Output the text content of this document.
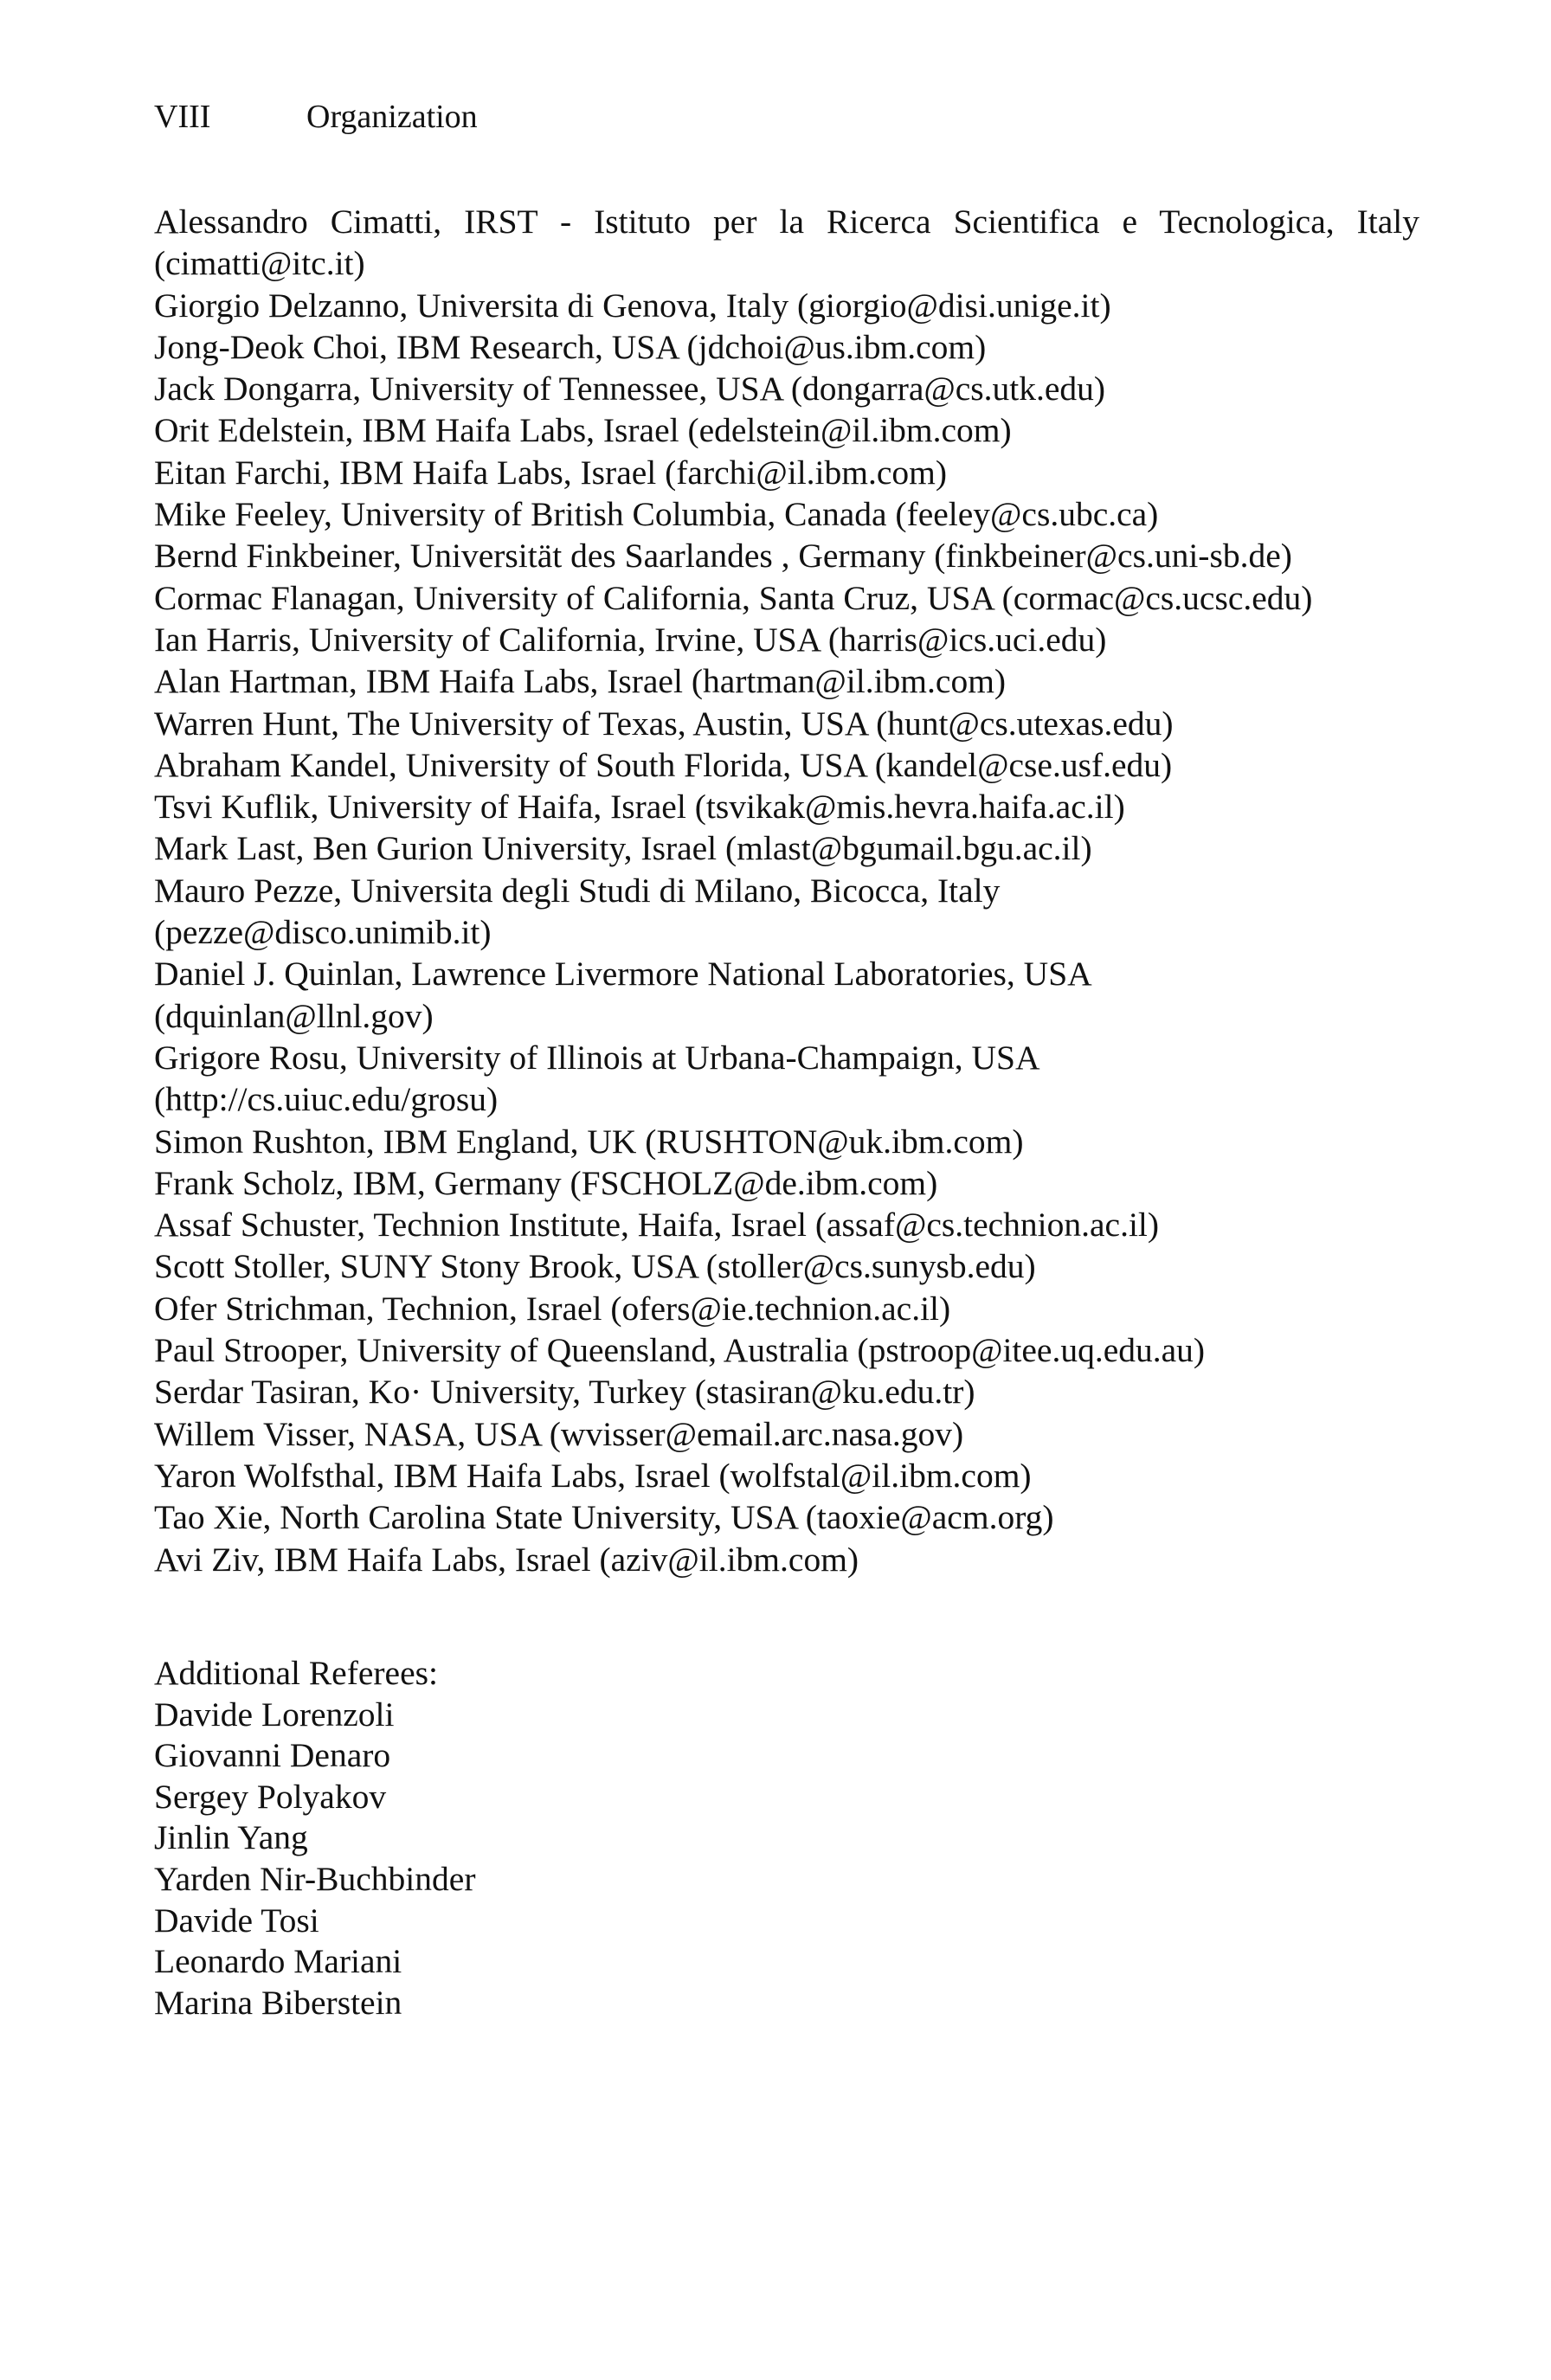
VIII	Organization
Alessandro Cimatti, IRST - Istituto per la Ricerca Scientifica e Tecnologica, Italy
(cimatti@itc.it)
Giorgio Delzanno, Universita di Genova, Italy (giorgio@disi.unige.it)
Jong-Deok Choi, IBM Research, USA (jdchoi@us.ibm.com)
Jack Dongarra, University of Tennessee, USA (dongarra@cs.utk.edu)
Orit Edelstein, IBM Haifa Labs, Israel (edelstein@il.ibm.com)
Eitan Farchi, IBM Haifa Labs, Israel (farchi@il.ibm.com)
Mike Feeley, University of British Columbia, Canada (feeley@cs.ubc.ca)
Bernd Finkbeiner, Universität des Saarlandes , Germany (finkbeiner@cs.uni-sb.de)
Cormac Flanagan, University of California, Santa Cruz, USA (cormac@cs.ucsc.edu)
Ian Harris, University of California, Irvine, USA (harris@ics.uci.edu)
Alan Hartman, IBM Haifa Labs, Israel (hartman@il.ibm.com)
Warren Hunt, The University of Texas, Austin, USA (hunt@cs.utexas.edu)
Abraham Kandel, University of South Florida, USA (kandel@cse.usf.edu)
Tsvi Kuflik, University of Haifa, Israel (tsvikak@mis.hevra.haifa.ac.il)
Mark Last, Ben Gurion University, Israel (mlast@bgumail.bgu.ac.il)
Mauro Pezze, Universita degli Studi di Milano, Bicocca, Italy
(pezze@disco.unimib.it)
Daniel J. Quinlan, Lawrence Livermore National Laboratories, USA
(dquinlan@llnl.gov)
Grigore Rosu, University of Illinois at Urbana-Champaign, USA
(http://cs.uiuc.edu/grosu)
Simon Rushton, IBM England, UK (RUSHTON@uk.ibm.com)
Frank Scholz, IBM, Germany (FSCHOLZ@de.ibm.com)
Assaf Schuster, Technion Institute, Haifa, Israel (assaf@cs.technion.ac.il)
Scott Stoller, SUNY Stony Brook, USA (stoller@cs.sunysb.edu)
Ofer Strichman, Technion, Israel (ofers@ie.technion.ac.il)
Paul Strooper, University of Queensland, Australia (pstroop@itee.uq.edu.au)
Serdar Tasiran, Ko· University, Turkey (stasiran@ku.edu.tr)
Willem Visser, NASA, USA (wvisser@email.arc.nasa.gov)
Yaron Wolfsthal, IBM Haifa Labs, Israel (wolfstal@il.ibm.com)
Tao Xie, North Carolina State University, USA (taoxie@acm.org)
Avi Ziv, IBM Haifa Labs, Israel (aziv@il.ibm.com)
Additional Referees:
Davide Lorenzoli
Giovanni Denaro
Sergey Polyakov
Jinlin Yang
Yarden Nir-Buchbinder
Davide Tosi
Leonardo Mariani
Marina Biberstein
